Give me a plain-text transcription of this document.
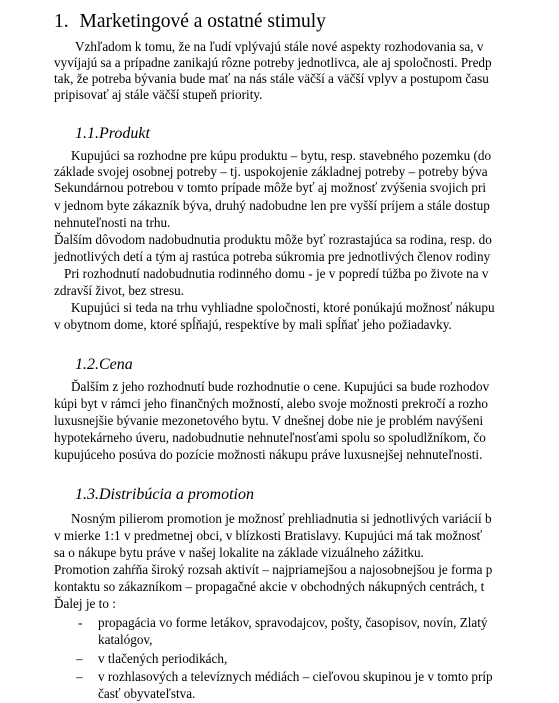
1. Marketingové a ostatné stimuly
Vzhľadom k tomu, že na ľudí vplývajú stále nové aspekty rozhodovania sa, v
vyvíjajú sa a prípadne zanikajú rôzne potreby jednotlivca, ale aj spoločnosti. Predp
tak, že potreba bývania bude mať na nás stále väčší a väčší vplyv a postupom času
pripisovať aj stále väčší stupeň priority.
1.1.Produkt
Kupujúci sa rozhodne pre kúpu produktu – bytu, resp. stavebného pozemku (do
základe svojej osobnej potreby – tj. uspokojenie základnej potreby – potreby býva
Sekundárnou potrebou v tomto prípade môže byť aj možnosť zvýšenia svojich pri
v jednom byte zákazník býva, druhý nadobudne len pre vyšší príjem a stále dostup
nehnuteľnosti na trhu.
Ďalším dôvodom nadobudnutia produktu môže byť rozrastajúca sa rodina, resp. do
jednotlivých detí a tým aj rastúca potreba súkromia pre jednotlivých členov rodiny
Pri rozhodnutí nadobudnutia rodinného domu - je v popredí túžba po živote na v
zdravší život, bez stresu.
Kupujúci si teda na trhu vyhliadne spoločnosti, ktoré ponúkajú možnosť nákupu
v obytnom dome, ktoré spĺňajú, respektíve by mali spĺňať jeho požiadavky.
1.2.Cena
Ďalším z jeho rozhodnutí bude rozhodnutie o cene. Kupujúci sa bude rozhodov
kúpi byt v rámci jeho finančných možností, alebo svoje možnosti prekročí a rozho
luxusnejšie bývanie mezonetového bytu. V dnešnej dobe nie je problém navýšeni
hypotekárneho úveru, nadobudnutie nehnuteľnosťami spolu so spoludlžníkom, čo
kupujúceho posúva do pozície možnosti nákupu práve luxusnejšej nehnuteľnosti.
1.3.Distribúcia a promotion
Nosným pilierom promotion je možnosť prehliadnutia si jednotlivých variácií b
v mierke 1:1 v predmetnej obci, v blízkosti Bratislavy. Kupujúci má tak možnosť
sa o nákupe bytu práve v našej lokalite na základe vizuálneho zážitku.
Promotion zahŕňa široký rozsah aktivít – najpriamejšou a najosobnejšou je forma p
kontaktu so zákazníkom – propagačné akcie v obchodných nákupných centrách, t
Ďalej je to :
- propagácia vo forme letákov, spravodajcov, pošty, časopisov, novín, Zlatý
katalógov,
– v tlačených periodikách,
– v rozhlasových a televíznych médiách – cieľovou skupinou je v tomto príp
časť obyvateľstva.
